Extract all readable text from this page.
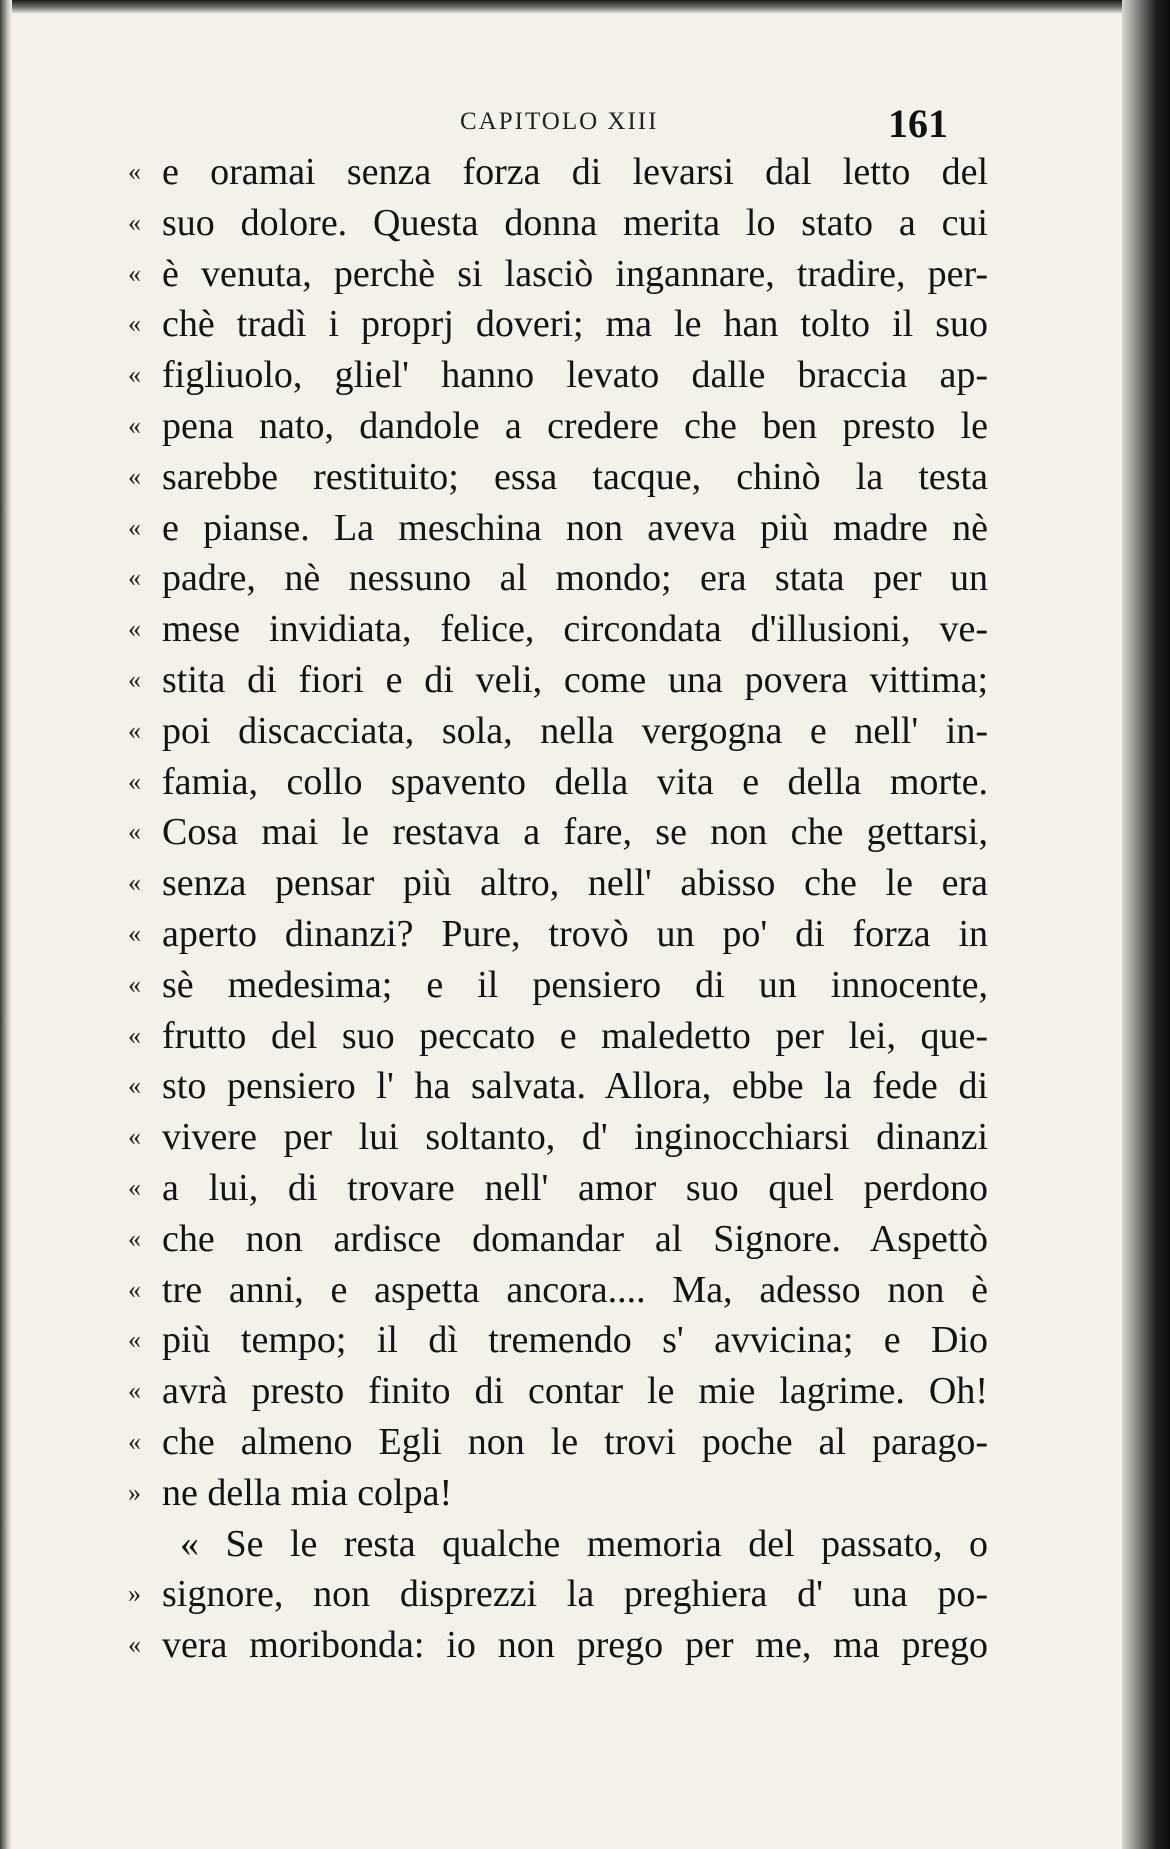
CAPITOLO XIII	161
« e oramai senza forza di levarsi dal letto del
« suo dolore. Questa donna merita lo stato a cui
« è venuta, perchè si lasciò ingannare, tradire, per-
« chè tradì i proprj doveri; ma le han tolto il suo
« figliuolo, gliel' hanno levato dalle braccia ap-
« pena nato, dandole a credere che ben presto le
« sarebbe restituito; essa tacque, chinò la testa
« e pianse. La meschina non aveva più madre nè
« padre, nè nessuno al mondo; era stata per un
« mese invidiata, felice, circondata d'illusioni, ve-
« stita di fiori e di veli, come una povera vittima;
« poi discacciata, sola, nella vergogna e nell' in-
« famia, collo spavento della vita e della morte.
« Cosa mai le restava a fare, se non che gettarsi,
« senza pensar più altro, nell' abisso che le era
« aperto dinanzi? Pure, trovò un po' di forza in
« sè medesima; e il pensiero di un innocente,
« frutto del suo peccato e maledetto per lei, que-
« sto pensiero l' ha salvata. Allora, ebbe la fede di
« vivere per lui soltanto, d' inginocchiarsi dinanzi
« a lui, di trovare nell' amor suo quel perdono
« che non ardisce domandar al Signore. Aspettò
« tre anni, e aspetta ancora.... Ma, adesso non è
« più tempo; il dì tremendo s' avvicina; e Dio
« avrà presto finito di contar le mie lagrime. Oh!
« che almeno Egli non le trovi poche al parago-
» ne della mia colpa!
« Se le resta qualche memoria del passato, o
» signore, non disprezzi la preghiera d' una po-
« vera moribonda: io non prego per me, ma prego
